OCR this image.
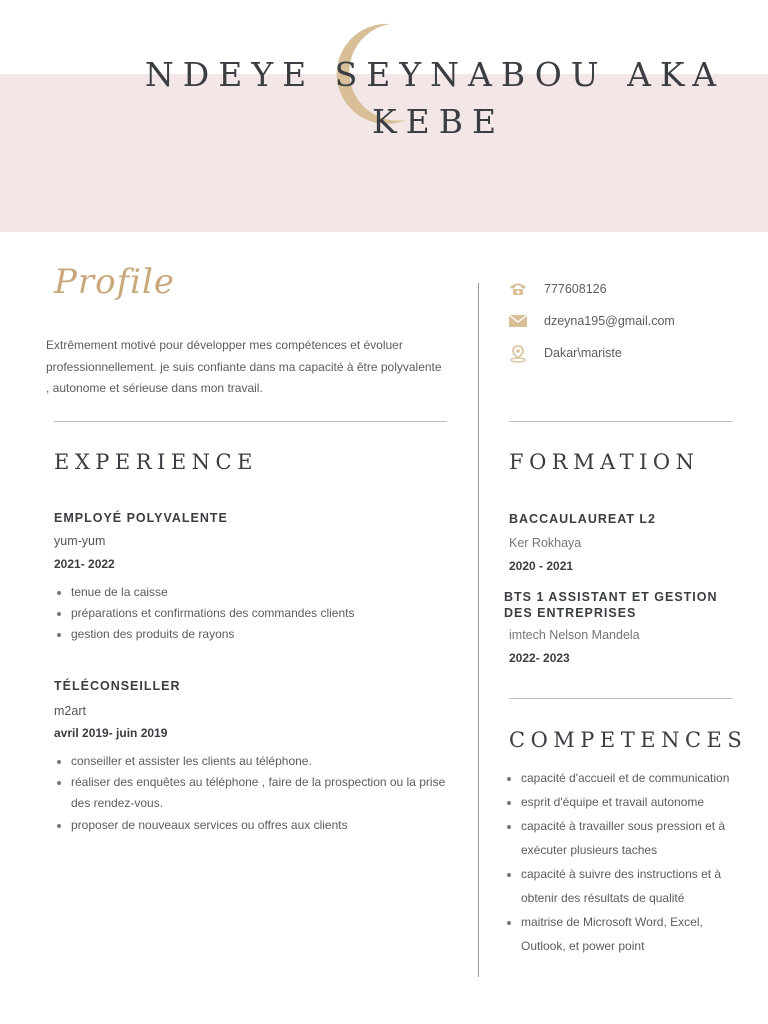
NDEYE SEYNABOU AKA
KEBE
Profile
Extrêmement motivé pour développer mes compétences et évoluer professionnellement. je suis confiante dans ma capacité à être polyvalente , autonome et sérieuse dans mon travail.
777608126
dzeyna195@gmail.com
Dakar\mariste
EXPERIENCE
EMPLOYÉ POLYVALENTE
yum-yum
2021- 2022
• tenue de la caisse
• préparations et confirmations des commandes clients
• gestion des produits de rayons
TÉLÉCONSEILLER
m2art
avril 2019- juin 2019
• conseiller et assister les clients au téléphone.
• réaliser des enquêtes au téléphone , faire de la prospection ou la prise des rendez-vous.
• proposer de nouveaux services ou offres aux clients
FORMATION
BACCAULAUREAT L2
Ker Rokhaya
2020 - 2021
BTS 1 ASSISTANT ET GESTION DES ENTREPRISES
imtech Nelson Mandela
2022- 2023
COMPETENCES
• capacité d'accueil et de communication
• esprit d'équipe et travail autonome
• capacité à travailler sous pression et à exécuter plusieurs taches
• capacité à suivre des instructions et à obtenir des résultats de qualité
• maitrise de Microsoft Word, Excel, Outlook, et power point
